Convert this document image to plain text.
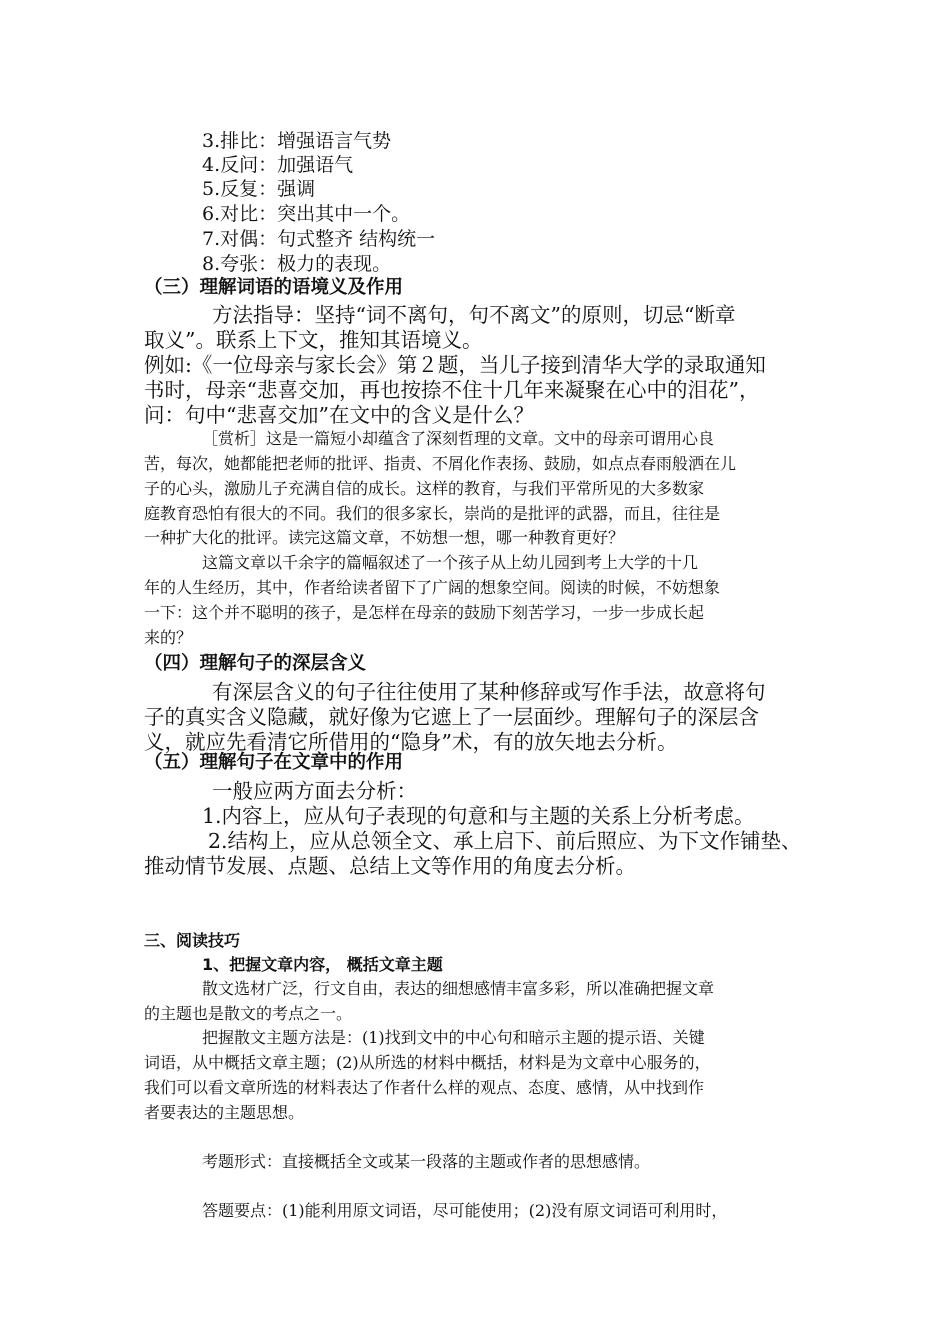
3.排比：增强语言气势
4.反问：加强语气
5.反复：强调
6.对比：突出其中一个。
7.对偶：句式整齐 结构统一
8.夸张：极力的表现。
（三）理解词语的语境义及作用
方法指导：坚持“词不离句，句不离文”的原则，切忌“断章
取义”。联系上下文，推知其语境义。
例如:《一位母亲与家长会》第２题，当儿子接到清华大学的录取通知
书时，母亲“悲喜交加，再也按捺不住十几年来凝聚在心中的泪花”，
问：句中“悲喜交加”在文中的含义是什么？
［赏析］这是一篇短小却蕴含了深刻哲理的文章。文中的母亲可谓用心良
苦，每次，她都能把老师的批评、指责、不屑化作表扬、鼓励，如点点春雨般洒在儿
子的心头，激励儿子充满自信的成长。这样的教育，与我们平常所见的大多数家
庭教育恐怕有很大的不同。我们的很多家长，崇尚的是批评的武器，而且，往往是
一种扩大化的批评。读完这篇文章，不妨想一想，哪一种教育更好？
这篇文章以千余字的篇幅叙述了一个孩子从上幼儿园到考上大学的十几
年的人生经历，其中，作者给读者留下了广阔的想象空间。阅读的时候，不妨想象
一下：这个并不聪明的孩子，是怎样在母亲的鼓励下刻苦学习，一步一步成长起
来的？
（四）理解句子的深层含义
有深层含义的句子往往使用了某种修辞或写作手法，故意将句
子的真实含义隐藏，就好像为它遮上了一层面纱。理解句子的深层含
义，就应先看清它所借用的“隐身”术，有的放矢地去分析。
（五）理解句子在文章中的作用
一般应两方面去分析：
1.内容上，应从句子表现的句意和与主题的关系上分析考虑。
2.结构上，应从总领全文、承上启下、前后照应、为下文作铺垫、
推动情节发展、点题、总结上文等作用的角度去分析。
三、阅读技巧
1、把握文章内容， 概括文章主题
散文选材广泛，行文自由，表达的细想感情丰富多彩，所以准确把握文章
的主题也是散文的考点之一。
把握散文主题方法是：(1)找到文中的中心句和暗示主题的提示语、关键
词语，从中概括文章主题；(2)从所选的材料中概括，材料是为文章中心服务的，
我们可以看文章所选的材料表达了作者什么样的观点、态度、感情，从中找到作
者要表达的主题思想。
考题形式：直接概括全文或某一段落的主题或作者的思想感情。
答题要点：(1)能利用原文词语，尽可能使用；(2)没有原文词语可利用时，
